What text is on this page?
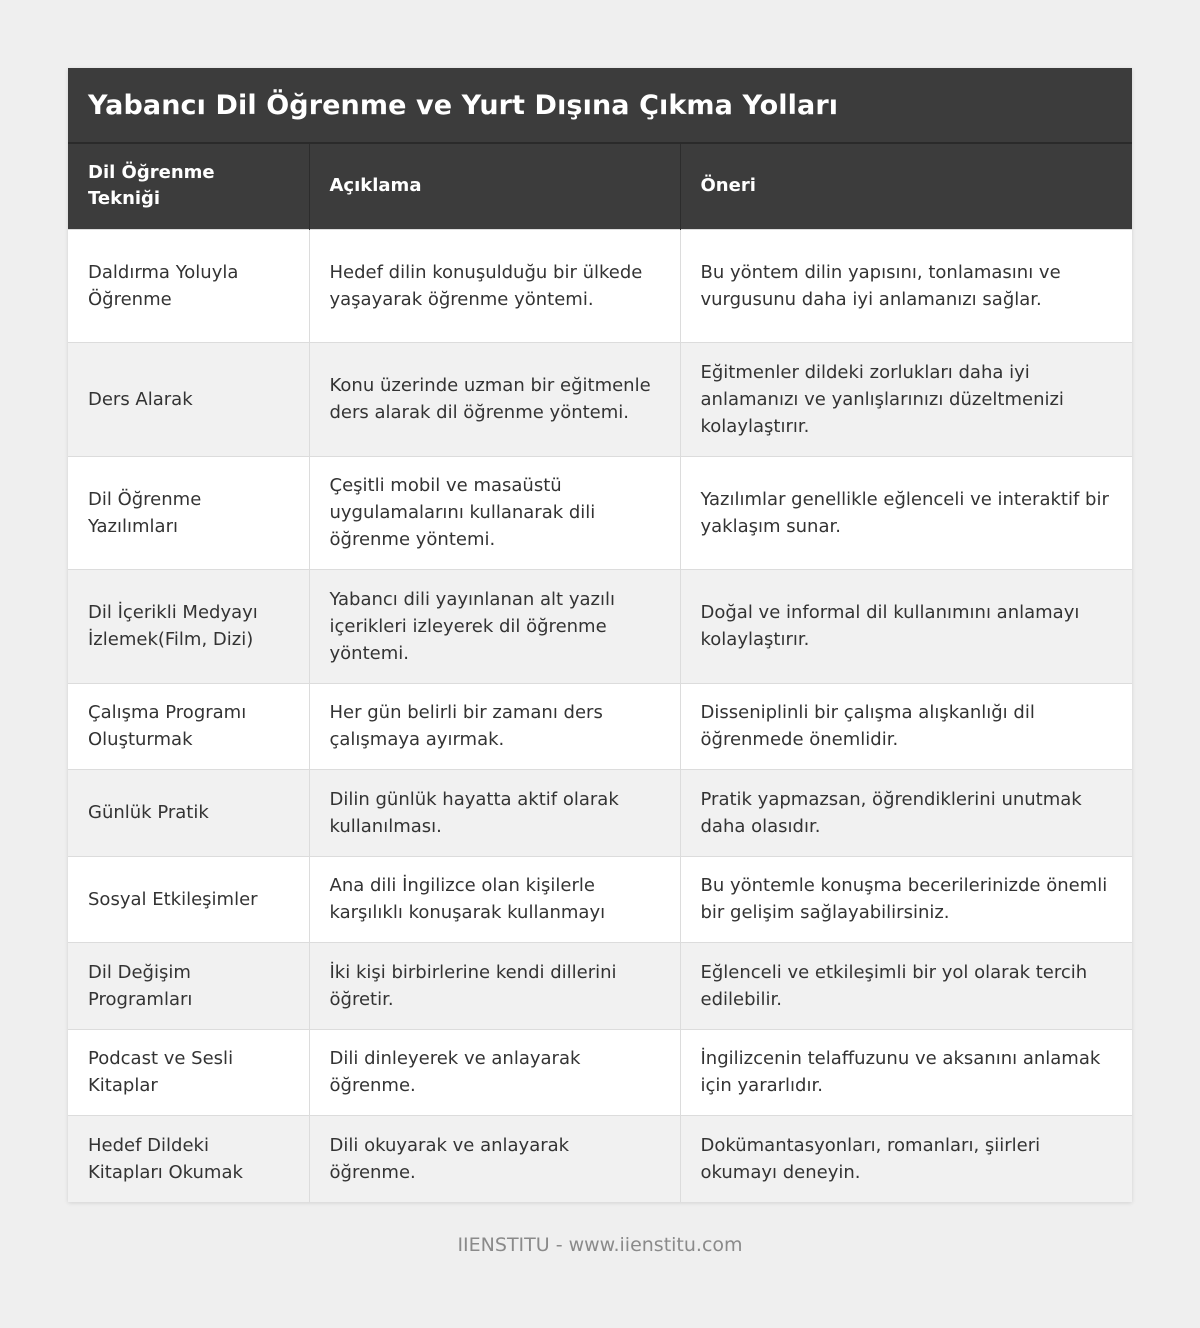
Yabancı Dil Öğrenme ve Yurt Dışına Çıkma Yolları
Dil Öğrenme Tekniği	Açıklama	Öneri
Daldırma Yoluyla Öğrenme	Hedef dilin konuşulduğu bir ülkede yaşayarak öğrenme yöntemi.	Bu yöntem dilin yapısını, tonlamasını ve vurgusunu daha iyi anlamanızı sağlar.
Ders Alarak	Konu üzerinde uzman bir eğitmenle ders alarak dil öğrenme yöntemi.	Eğitmenler dildeki zorlukları daha iyi anlamanızı ve yanlışlarınızı düzeltmenizi kolaylaştırır.
Dil Öğrenme Yazılımları	Çeşitli mobil ve masaüstü uygulamalarını kullanarak dili öğrenme yöntemi.	Yazılımlar genellikle eğlenceli ve interaktif bir yaklaşım sunar.
Dil İçerikli Medyayı İzlemek(Film, Dizi)	Yabancı dili yayınlanan alt yazılı içerikleri izleyerek dil öğrenme yöntemi.	Doğal ve informal dil kullanımını anlamayı kolaylaştırır.
Çalışma Programı Oluşturmak	Her gün belirli bir zamanı ders çalışmaya ayırmak.	Disseniplinli bir çalışma alışkanlığı dil öğrenmede önemlidir.
Günlük Pratik	Dilin günlük hayatta aktif olarak kullanılması.	Pratik yapmazsan, öğrendiklerini unutmak daha olasıdır.
Sosyal Etkileşimler	Ana dili İngilizce olan kişilerle karşılıklı konuşarak kullanmayı	Bu yöntemle konuşma becerilerinizde önemli bir gelişim sağlayabilirsiniz.
Dil Değişim Programları	İki kişi birbirlerine kendi dillerini öğretir.	Eğlenceli ve etkileşimli bir yol olarak tercih edilebilir.
Podcast ve Sesli Kitaplar	Dili dinleyerek ve anlayarak öğrenme.	İngilizcenin telaffuzunu ve aksanını anlamak için yararlıdır.
Hedef Dildeki Kitapları Okumak	Dili okuyarak ve anlayarak öğrenme.	Dokümantasyonları, romanları, şiirleri okumayı deneyin.
IIENSTITU - www.iienstitu.com
